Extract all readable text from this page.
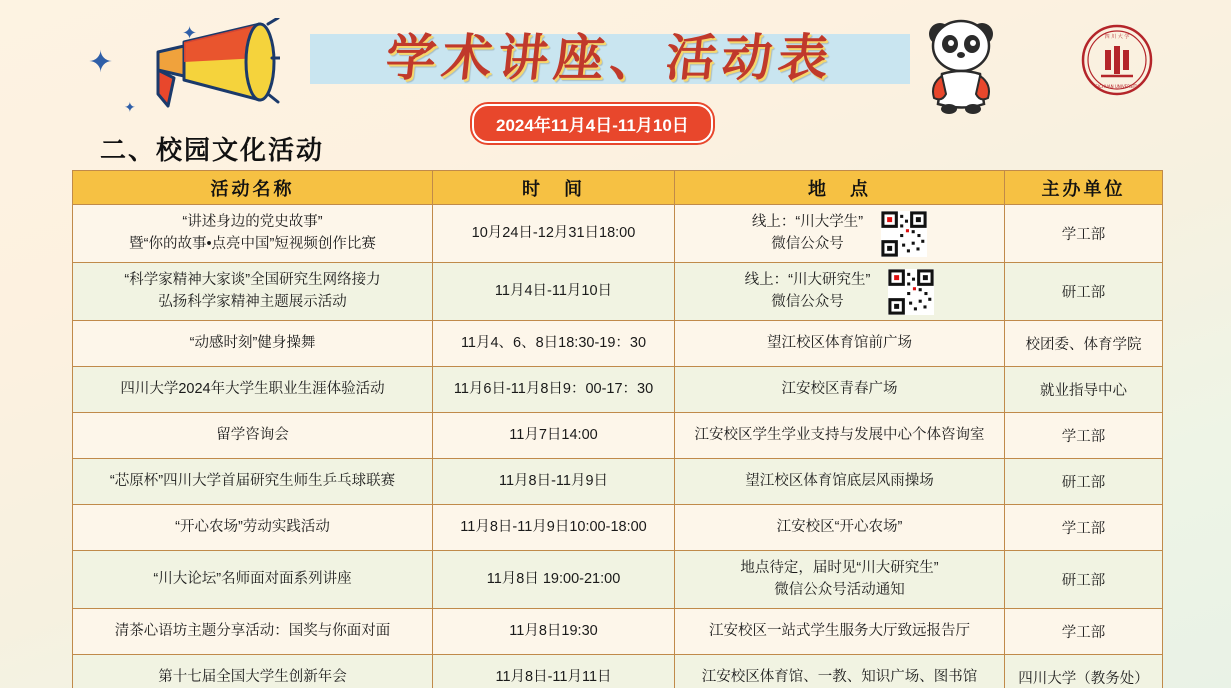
✦
✦
✦
学术讲座、活动表
2024年11月4日-11月10日
四 川 大 学
SICHUAN UNIVERSITY
二、校园文化活动
活动名称	时　间	地　点	主办单位

“讲述身边的党史故事”
暨“你的故事•点亮中国”短视频创作比赛	10月24日-12月31日18:00	线上：“川大学生”
微信公众号	学工部

“科学家精神大家谈”全国研究生网络接力
弘扬科学家精神主题展示活动	11月4日-11月10日	线上：“川大研究生”
微信公众号	研工部

“动感时刻”健身操舞	11月4、6、8日18:30-19：30	望江校区体育馆前广场	校团委、体育学院

四川大学2024年大学生职业生涯体验活动	11月6日-11月8日9：00-17：30	江安校区青春广场	就业指导中心

留学咨询会	11月7日14:00	江安校区学生学业支持与发展中心个体咨询室	学工部

“芯原杯”四川大学首届研究生师生乒乓球联赛	11月8日-11月9日	望江校区体育馆底层风雨操场	研工部

“开心农场”劳动实践活动	11月8日-11月9日10:00-18:00	江安校区“开心农场”	学工部

“川大论坛”名师面对面系列讲座	11月8日 19:00-21:00	地点待定，届时见“川大研究生”
微信公众号活动通知	研工部

清茶心语坊主题分享活动：国奖与你面对面	11月8日19:30	江安校区一站式学生服务大厅致远报告厅	学工部

第十七届全国大学生创新年会	11月8日-11月11日	江安校区体育馆、一教、知识广场、图书馆	四川大学（教务处）
